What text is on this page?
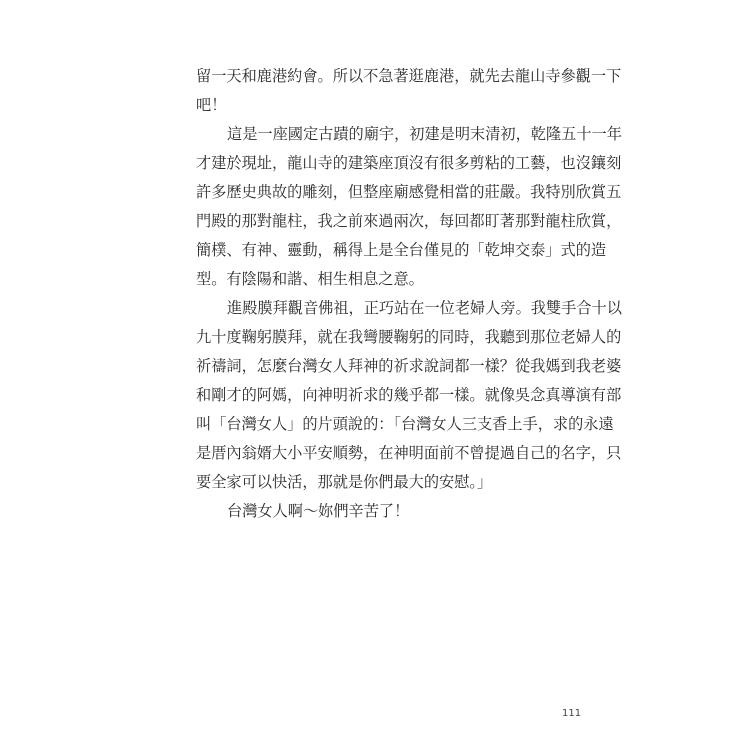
留一天和鹿港約會。所以不急著逛鹿港，就先去龍山寺參觀一下
吧！
這是一座國定古蹟的廟宇，初建是明末清初，乾隆五十一年
才建於現址，龍山寺的建築座頂沒有很多剪粘的工藝，也沒鑲刻
許多歷史典故的雕刻，但整座廟感覺相當的莊嚴。我特別欣賞五
門殿的那對龍柱，我之前來過兩次，每回都盯著那對龍柱欣賞，
簡樸、有神、靈動，稱得上是全台僅見的「乾坤交泰」式的造
型。有陰陽和諧、相生相息之意。
進殿膜拜觀音佛祖，正巧站在一位老婦人旁。我雙手合十以
九十度鞠躬膜拜，就在我彎腰鞠躬的同時，我聽到那位老婦人的
祈禱詞，怎麼台灣女人拜神的祈求說詞都一樣？從我媽到我老婆
和剛才的阿媽，向神明祈求的幾乎都一樣。就像吳念真導演有部
叫「台灣女人」的片頭說的：「台灣女人三支香上手，求的永遠
是厝內翁婿大小平安順勢，在神明面前不曾提過自己的名字，只
要全家可以快活，那就是你們最大的安慰。」
台灣女人啊～妳們辛苦了！
111
